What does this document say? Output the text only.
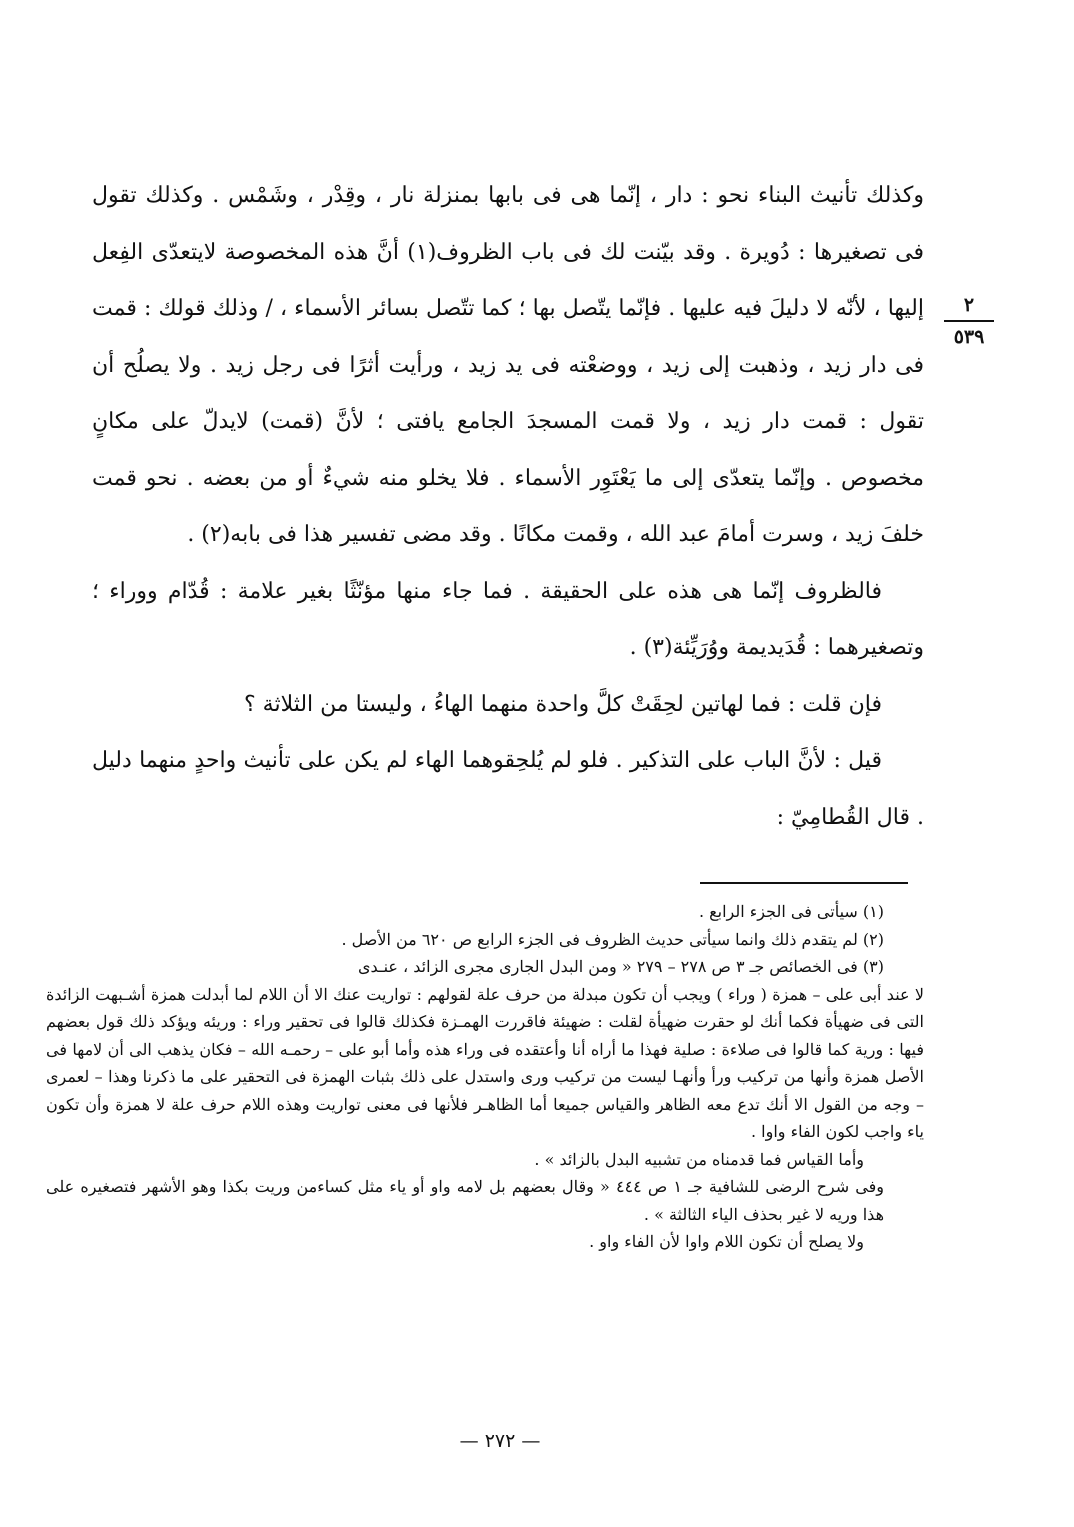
٢
٥٣٩

وكذلك تأنيث البناء نحو : دار ، إنّما هى فى بابها بمنزلة نار ، وقِدْر ، وشَمْس . وكذلك تقول فى تصغيرها : دُويرة . وقد بيّنت لك فى باب الظروف(١) أنَّ هذه المخصوصة لايتعدّى الفِعل إليها ، لأنّه لا دليلَ فيه عليها . فإنّما يتّصل بها ؛ كما تتّصل بسائر الأسماء ، / وذلك قولك : قمت فى دار زيد ، وذهبت إلى زيد ، ووضعْته فى يد زيد ، ورأيت أثرًا فى رجل زيد . ولا يصلُح أن تقول : قمت دار زيد ، ولا قمت المسجدَ الجامع يافتى ؛ لأنَّ (قمت) لايدلّ على مكانٍ مخصوص . وإنّما يتعدّى إلى ما يَعْتَوِر الأسماء . فلا يخلو منه شيءٌ أو من بعضه . نحو قمت خلفَ زيد ، وسرت أمامَ عبد الله ، وقمت مكانًا . وقد مضى تفسير هذا فى بابه(٢) .

فالظروف إنّما هى هذه على الحقيقة . فما جاء منها مؤنّثًا بغير علامة : قُدّام ووراء ؛ وتصغيرهما : قُدَيديمة ووُرَيِّئة(٣) .

فإن قلت : فما لهاتين لحِقَتْ كلَّ واحدة منهما الهاءُ ، وليستا من الثلاثة ؟

قيل : لأنَّ الباب على التذكير . فلو لم يُلحِقوهما الهاء لم يكن على تأنيث واحدٍ منهما دليل . قال القُطامِيّ :

(١) سيأتى فى الجزء الرابع .

(٢) لم يتقدم ذلك وانما سيأتى حديث الظروف فى الجزء الرابع ص ٦٢٠ من الأصل .

(٣) فى الخصائص جـ ٣ ص ٢٧٨ – ٢٧٩ « ومن البدل الجارى مجرى الزائد ، عنـدى

لا عند أبى على – همزة ( وراء ) ويجب أن تكون مبدلة من حرف علة لقولهم : تواريت عنك الا أن اللام لما أبدلت همزة أشـبهت الزائدة التى فى ضهيأة فكما أنك لو حقرت ضهيأة لقلت : ضهيئة فاقررت الهمـزة فكذلك قالوا فى تحقير وراء : وريئه ويؤكد ذلك قول بعضهم فيها : ورية كما قالوا فى صلاءة : صلية فهذا ما أراه أنا وأعتقده فى وراء هذه وأما أبو على – رحمـه الله – فكان يذهب الى أن لامها فى الأصل همزة وأنها من تركيب ورأ وأنهـا ليست من تركيب ورى واستدل على ذلك بثبات الهمزة فى التحقير على ما ذكرنا وهذا – لعمرى – وجه من القول الا أنك تدع معه الظاهر والقياس جميعا أما الظاهـر فلأنها فى معنى تواريت وهذه اللام حرف علة لا همزة وأن تكون ياء واجب لكون الفاء واوا .

وأما القياس فما قدمناه من تشبيه البدل بالزائد » .

وفى شرح الرضى للشافية جـ ١ ص ٤٤٤ « وقال بعضهم بل لامه واو أو ياء مثل كساءمن وريت بكذا وهو الأشهر فتصغيره على هذا وريه لا غير بحذف الياء الثالثة » .

ولا يصلح أن تكون اللام واوا لأن الفاء واو .

— ٢٧٢ —
